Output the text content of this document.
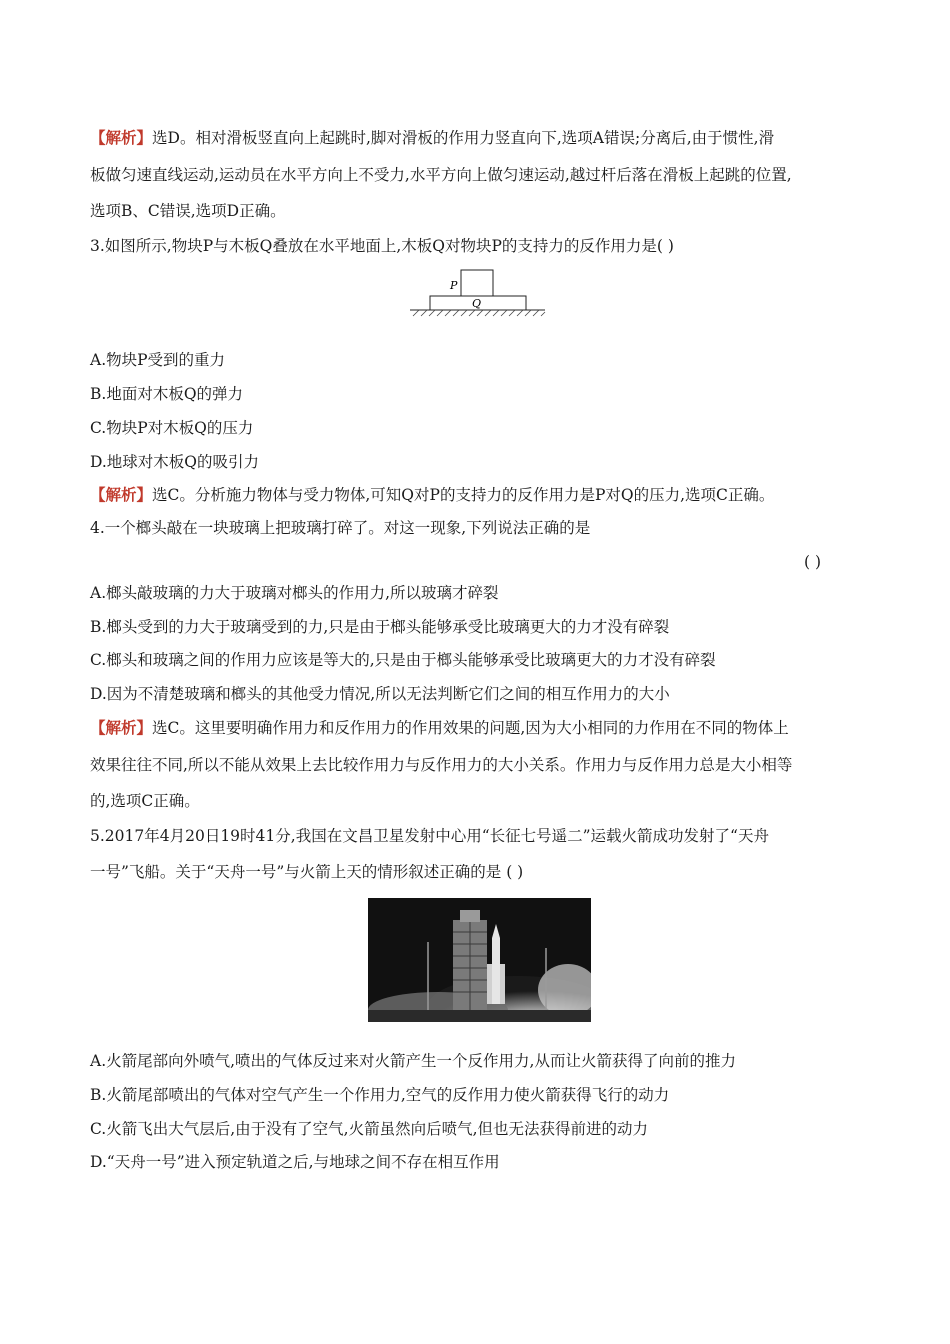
【解析】选D。相对滑板竖直向上起跳时,脚对滑板的作用力竖直向下,选项A错误;分离后,由于惯性,滑
板做匀速直线运动,运动员在水平方向上不受力,水平方向上做匀速运动,越过杆后落在滑板上起跳的位置,
选项B、C错误,选项D正确。
3.如图所示,物块P与木板Q叠放在水平地面上,木板Q对物块P的支持力的反作用力是( )
P
Q
A.物块P受到的重力
B.地面对木板Q的弹力
C.物块P对木板Q的压力
D.地球对木板Q的吸引力
【解析】选C。分析施力物体与受力物体,可知Q对P的支持力的反作用力是P对Q的压力,选项C正确。
4.一个榔头敲在一块玻璃上把玻璃打碎了。对这一现象,下列说法正确的是
( )
A.榔头敲玻璃的力大于玻璃对榔头的作用力,所以玻璃才碎裂
B.榔头受到的力大于玻璃受到的力,只是由于榔头能够承受比玻璃更大的力才没有碎裂
C.榔头和玻璃之间的作用力应该是等大的,只是由于榔头能够承受比玻璃更大的力才没有碎裂
D.因为不清楚玻璃和榔头的其他受力情况,所以无法判断它们之间的相互作用力的大小
【解析】选C。这里要明确作用力和反作用力的作用效果的问题,因为大小相同的力作用在不同的物体上
效果往往不同,所以不能从效果上去比较作用力与反作用力的大小关系。作用力与反作用力总是大小相等
的,选项C正确。
5.2017年4月20日19时41分,我国在文昌卫星发射中心用“长征七号遥二”运载火箭成功发射了“天舟
一号”飞船。关于“天舟一号”与火箭上天的情形叙述正确的是 ( )
A.火箭尾部向外喷气,喷出的气体反过来对火箭产生一个反作用力,从而让火箭获得了向前的推力
B.火箭尾部喷出的气体对空气产生一个作用力,空气的反作用力使火箭获得飞行的动力
C.火箭飞出大气层后,由于没有了空气,火箭虽然向后喷气,但也无法获得前进的动力
D.“天舟一号”进入预定轨道之后,与地球之间不存在相互作用
